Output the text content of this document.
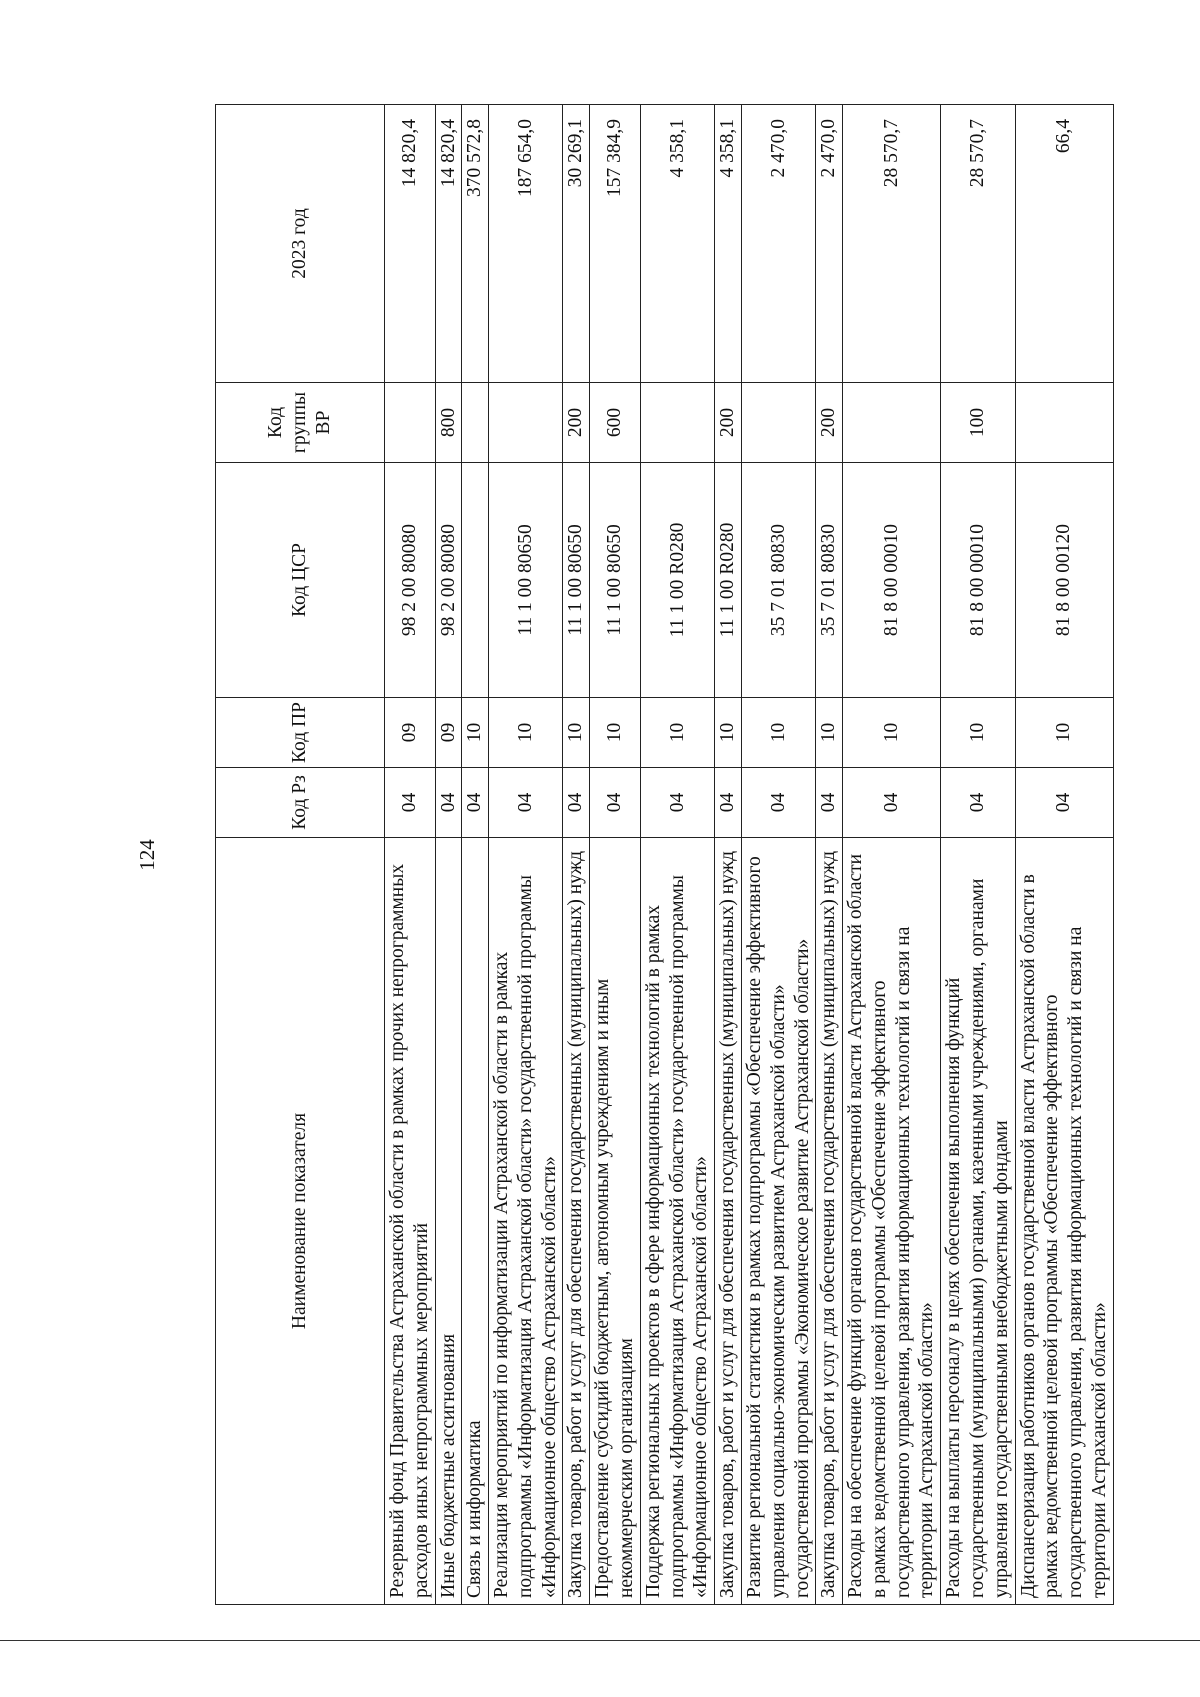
124
Наименование показателя	Код Рз	Код ПР	Код ЦСР	Код группы ВР	2023 год
Резервный фонд Правительства Астраханской области в рамках прочих непрограммных расходов иных непрограммных мероприятий	04	09	98 2 00 80080		14 820,4
Иные бюджетные ассигнования	04	09	98 2 00 80080	800	14 820,4
Связь и информатика	04	10			370 572,8
Реализация мероприятий по информатизации Астраханской области в рамках подпрограммы «Информатизация Астраханской области» государственной программы «Информационное общество Астраханской области»	04	10	11 1 00 80650		187 654,0
Закупка товаров, работ и услуг для обеспечения государственных (муниципальных) нужд	04	10	11 1 00 80650	200	30 269,1
Предоставление субсидий бюджетным, автономным учреждениям и иным некоммерческим организациям	04	10	11 1 00 80650	600	157 384,9
Поддержка региональных проектов в сфере информационных технологий в рамках подпрограммы «Информатизация Астраханской области» государственной программы «Информационное общество Астраханской области»	04	10	11 1 00 R0280		4 358,1
Закупка товаров, работ и услуг для обеспечения государственных (муниципальных) нужд	04	10	11 1 00 R0280	200	4 358,1
Развитие региональной статистики в рамках подпрограммы «Обеспечение эффективного управления социально-экономическим развитием Астраханской области» государственной программы «Экономическое развитие Астраханской области»	04	10	35 7 01 80830		2 470,0
Закупка товаров, работ и услуг для обеспечения государственных (муниципальных) нужд	04	10	35 7 01 80830	200	2 470,0
Расходы на обеспечение функций органов государственной власти Астраханской области в рамках ведомственной целевой программы «Обеспечение эффективного государственного управления, развития информационных технологий и связи на территории Астраханской области»	04	10	81 8 00 00010		28 570,7
Расходы на выплаты персоналу в целях обеспечения выполнения функций государственными (муниципальными) органами, казенными учреждениями, органами управления государственными внебюджетными фондами	04	10	81 8 00 00010	100	28 570,7
Диспансеризация работников органов государственной власти Астраханской области в рамках ведомственной целевой программы «Обеспечение эффективного государственного управления, развития информационных технологий и связи на территории Астраханской области»	04	10	81 8 00 00120		66,4
